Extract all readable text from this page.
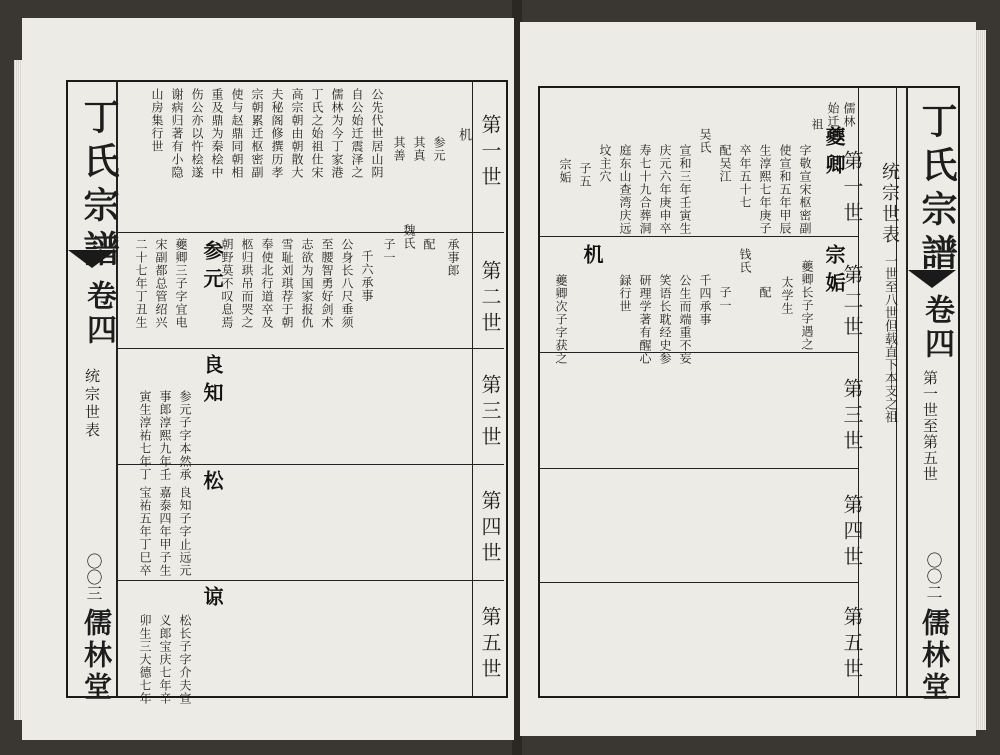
丁氏宗譜
卷四
统宗世表
〇〇三
儒林堂
第一世
第二世
第三世
第四世
第五世
机
参元
其真
其善
公先代世居山阴
自公始迁震泽之
儒林为今丁家港
丁氏之始祖仕宋
高宗朝由朝散大
夫秘阁修撰历孝
宗朝累迁枢密副
使与赵鼎同朝相
重及鼎为秦桧中
伤公亦以忤桧遂
谢病归著有小隐
山房集行世
参元	承事郎
配
魏氏
子一
千六承事
公身长八尺垂须
至腰智勇好剑术
志欲为国家报仇
雪耻刘琪荐于朝
奉使北行道卒及
柩归珙吊而哭之
朝野莫不叹息焉
夔卿三子字宜电
宋副都总管绍兴
二十七年丁丑生
良知
参元子字本然承
事郎淳熙九年壬
寅生淳祐七年丁
松
良知子字止远元
嘉泰四年甲子生
宝祐五年丁巳卒
谅
松长子字介夫宣
义郎宝庆七年辛
卯生三大德七年
儒林
始迁
祖	丁氏宗譜
卷四
第一世至第五世
〇〇二
儒林堂
统宗世表
一世至八世但载直下本支之祖
第一世
第二世
第三世
第四世
第五世
夔卿
字敬宣宋枢密副
使宣和五年甲辰
生淳熙七年庚子
卒年五十七
配吴江
吴氏
宣和三年壬寅生
庆元六年庚申卒
寿七十九合葬洞
庭东山查湾庆远
坟主穴
子五
宗姤
宗姤
夔卿长子字遇之
太学生
配
钱氏
子一
千四承事
公生而端重不妄
笑语长耽经史参
研理学著有醒心
録行世
机
夔卿次子字获之
